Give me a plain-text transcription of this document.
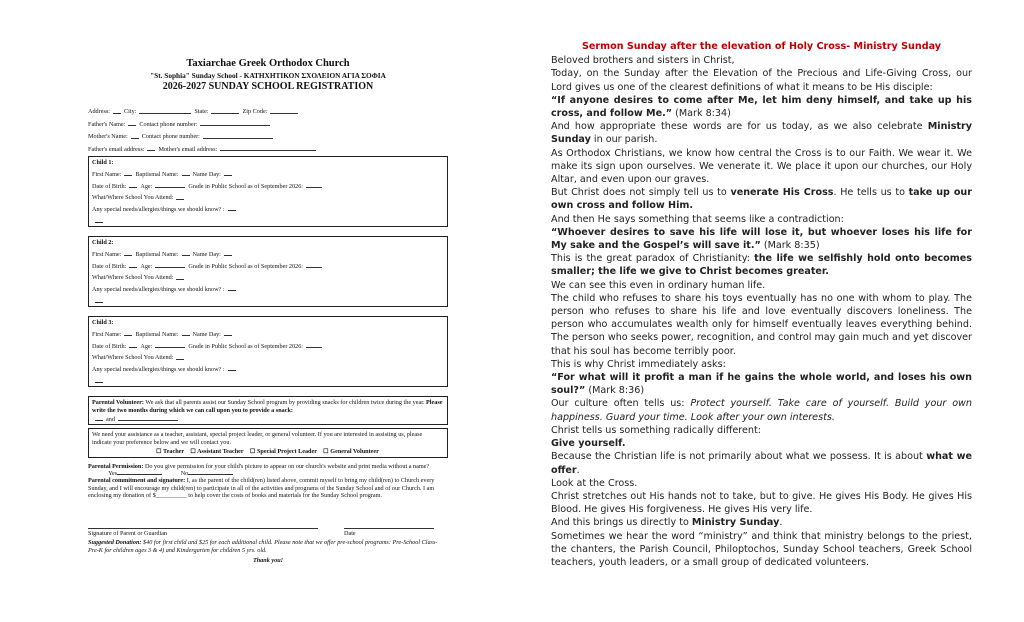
Taxiarchae Greek Orthodox Church

"St. Sophia" Sunday School - ΚΑΤΗΧΗΤΙΚΟΝ ΣΧΟΛΕΙΟΝ ΑΓΙΑ ΣΟΦΙΑ

2026-2027 SUNDAY SCHOOL REGISTRATION

Address: City:	State:	Zip Code:
Father's Name: Contact phone number:
Mother's Name: Contact phone number:
Father's email address: Mother's email address:
Child 1:
First Name: Baptismal Name: Name Day:
Date of Birth: Age:	Grade in Public School as of September 2026:
What/Where School You Attend:
Any special needs/allergies/things we should know? :
Child 2:
First Name: Baptismal Name: Name Day:
Date of Birth: Age:	Grade in Public School as of September 2026:
What/Where School You Attend:
Any special needs/allergies/things we should know? :
Child 3:
First Name: Baptismal Name: Name Day:
Date of Birth: Age:	Grade in Public School as of September 2026:
What/Where School You Attend:
Any special needs/allergies/things we should know? :

Parental Volunteer: We ask that all parents assist our Sunday School program by providing snacks for children twice during the year. Please write the two months during which we can call upon you to provide a snack:

and

We need your assistance as a teacher, assistant, special project leader, or general volunteer. If you are interested in assisting us, please indicate your preference below and we will contact you.

☐ Teacher ☐ Assistant Teacher ☐ Special Project Leader ☐ General Volunteer

Parental Permission: Do you give permission for your child's picture to appear on our church's website and print media without a name?              Yes	No

Parental commitment and signature: I, as the parent of the child(ren) listed above, commit myself to bring my child(ren) to Church every Sunday, and I will encourage my child(ren) to participate in all of the activities and programs of the Sunday School and of our Church. I am enclosing my donation of $__________ to help cover the costs of books and materials for the Sunday School program.

Signature of Parent or Guardian	Date

Suggested Donation: $40 for first child and $25 for each additional child. Please note that we offer pre-school programs: Pre-School Class-Pre-K for children ages 3 & 4) and Kindergarten for children 5 yrs. old.

Thank you!

Sermon Sunday after the elevation of Holy Cross- Ministry Sunday

Beloved brothers and sisters in Christ,

Today, on the Sunday after the Elevation of the Precious and Life-Giving Cross, our Lord gives us one of the clearest definitions of what it means to be His disciple:

“If anyone desires to come after Me, let him deny himself, and take up his cross, and follow Me.” (Mark 8:34)

And how appropriate these words are for us today, as we also celebrate Ministry Sunday in our parish.

As Orthodox Christians, we know how central the Cross is to our Faith. We wear it. We make its sign upon ourselves. We venerate it. We place it upon our churches, our Holy Altar, and even upon our graves.

But Christ does not simply tell us to venerate His Cross. He tells us to take up our own cross and follow Him.

And then He says something that seems like a contradiction:

“Whoever desires to save his life will lose it, but whoever loses his life for My sake and the Gospel’s will save it.” (Mark 8:35)

This is the great paradox of Christianity: the life we selfishly hold onto becomes smaller; the life we give to Christ becomes greater.

We can see this even in ordinary human life.

The child who refuses to share his toys eventually has no one with whom to play. The person who refuses to share his life and love eventually discovers loneliness. The person who accumulates wealth only for himself eventually leaves everything behind. The person who seeks power, recognition, and control may gain much and yet discover that his soul has become terribly poor.

This is why Christ immediately asks:

“For what will it profit a man if he gains the whole world, and loses his own soul?” (Mark 8:36)

Our culture often tells us: Protect yourself. Take care of yourself. Build your own happiness. Guard your time. Look after your own interests.

Christ tells us something radically different:

Give yourself.

Because the Christian life is not primarily about what we possess. It is about what we offer.

Look at the Cross.

Christ stretches out His hands not to take, but to give. He gives His Body. He gives His Blood. He gives His forgiveness. He gives His very life.

And this brings us directly to Ministry Sunday.

Sometimes we hear the word “ministry” and think that ministry belongs to the priest, the chanters, the Parish Council, Philoptochos, Sunday School teachers, Greek School teachers, youth leaders, or a small group of dedicated volunteers.
